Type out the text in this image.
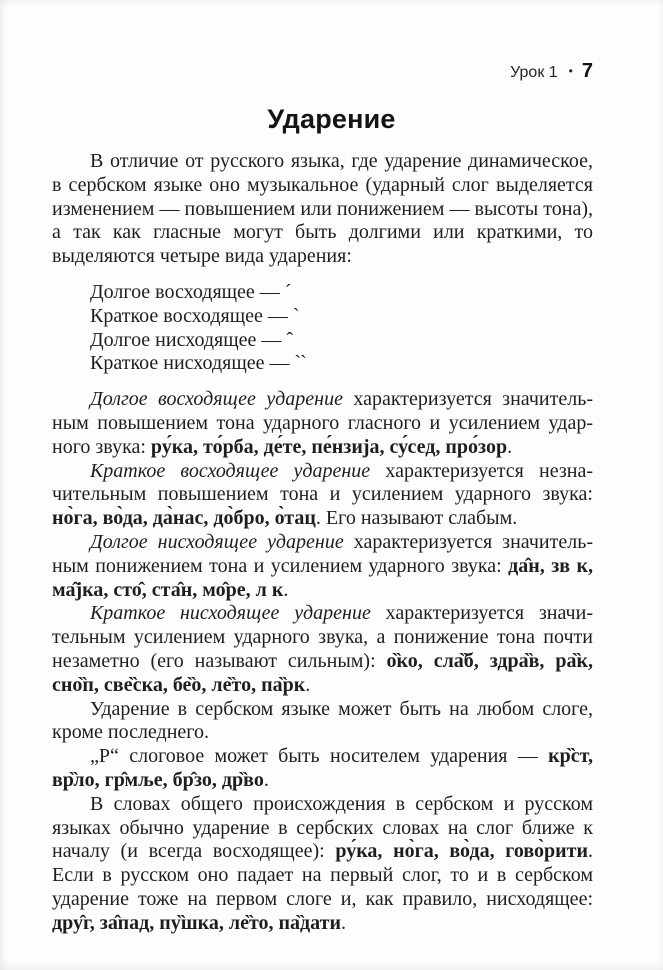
Урок 1 • 7
Ударение

В отличие от русского языка, где ударение динамическое, в сербском языке оно музыкальное (ударный слог выделяется изменением — повышением или понижением — высоты тона), а так как гласные могут быть долгими или краткими, то выделяются четыре вида ударения:

Долгое восходящее — ´
Краткое восходящее — `
Долгое нисходящее — ˆ
Краткое нисходящее — ``

Долгое восходящее ударение характеризуется значительным повышением тона ударного гласного и усилением ударного звука: ру́ка, то́рба, де́те, пе́нзија, су́сед, про́зор.

Краткое восходящее ударение характеризуется незначительным повышением тона и усилением ударного звука: но̀га, во̀да, да̀нас, до̀бро, о̀тац. Его называют слабым.

Долгое нисходящее ударение характеризуется значительным понижением тона и усилением ударного звука: да̂н, зв к, ма̂јка, сто̂, ста̂н, мо̂ре, л к.

Краткое нисходящее ударение характеризуется значительным усилением ударного звука, а понижение тона почти незаметно (его называют сильным): о̏ко, сла̏б, здра̏в, ра̏к, сно̏п, све̏ска, бе̏о, ле̏то, па̏рк.

Ударение в сербском языке может быть на любом слоге, кроме последнего.

„Р“ слоговое может быть носителем ударения — кр̏ст, вр̏ло, гр̂мље, бр̂зо, др̏во.

В словах общего происхождения в сербском и русском языках обычно ударение в сербских словах на слог ближе к началу (и всегда восходящее): ру́ка, но̀га, во̀да, гово̀рити. Если в русском оно падает на первый слог, то и в сербском ударение тоже на первом слоге и, как правило, нисходящее: дру̂г, за̂пад, пу̏шка, ле̏то, па̏дати.
